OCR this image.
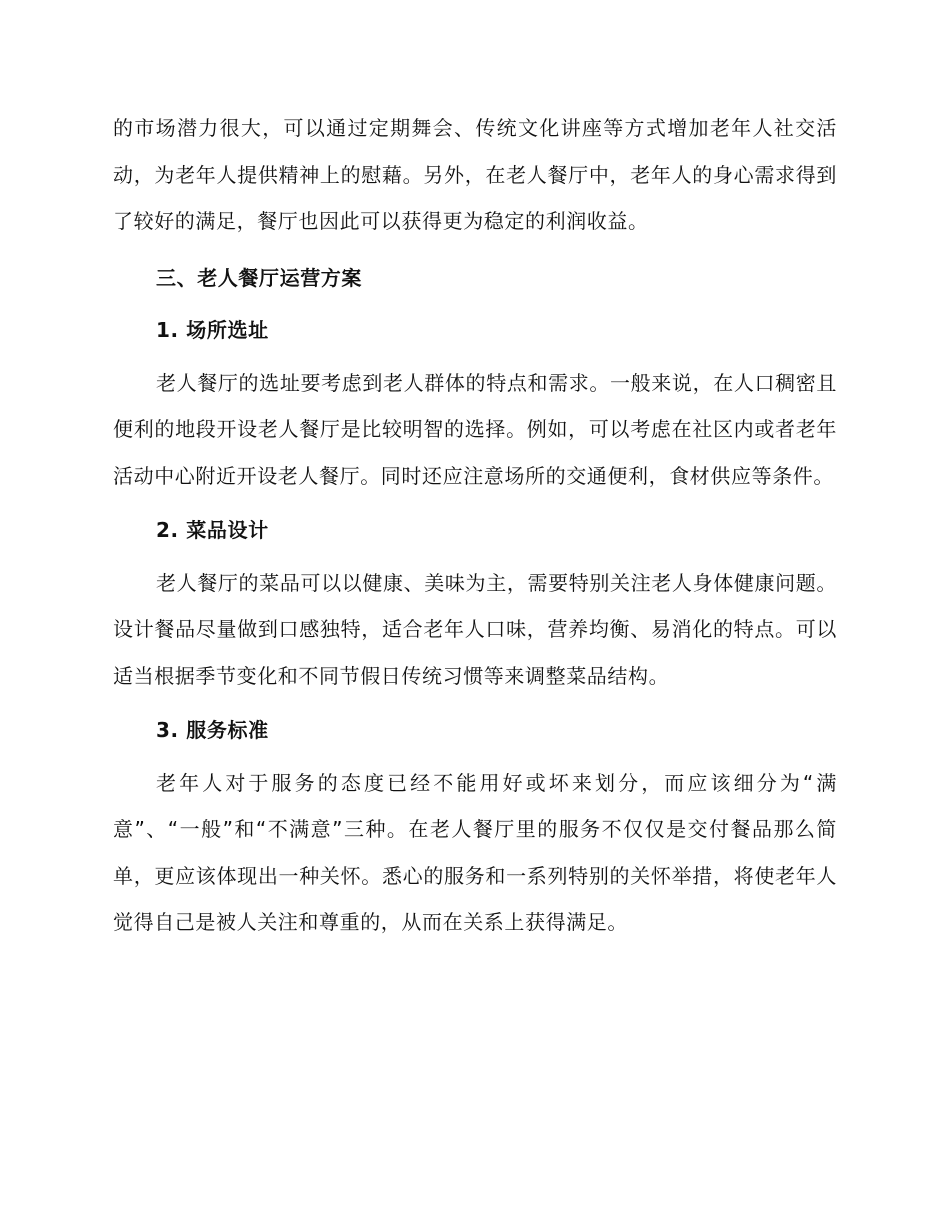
的市场潜力很大，可以通过定期舞会、传统文化讲座等方式增加老年人社交活动，为老年人提供精神上的慰藉。另外，在老人餐厅中，老年人的身心需求得到了较好的满足，餐厅也因此可以获得更为稳定的利润收益。

三、老人餐厅运营方案
1. 场所选址

老人餐厅的选址要考虑到老人群体的特点和需求。一般来说，在人口稠密且便利的地段开设老人餐厅是比较明智的选择。例如，可以考虑在社区内或者老年活动中心附近开设老人餐厅。同时还应注意场所的交通便利，食材供应等条件。

2. 菜品设计

老人餐厅的菜品可以以健康、美味为主，需要特别关注老人身体健康问题。设计餐品尽量做到口感独特，适合老年人口味，营养均衡、易消化的特点。可以适当根据季节变化和不同节假日传统习惯等来调整菜品结构。

3. 服务标准

老年人对于服务的态度已经不能用好或坏来划分，而应该细分为“满意”、“一般”和“不满意”三种。在老人餐厅里的服务不仅仅是交付餐品那么简单，更应该体现出一种关怀。悉心的服务和一系列特别的关怀举措，将使老年人觉得自己是被人关注和尊重的，从而在关系上获得满足。
